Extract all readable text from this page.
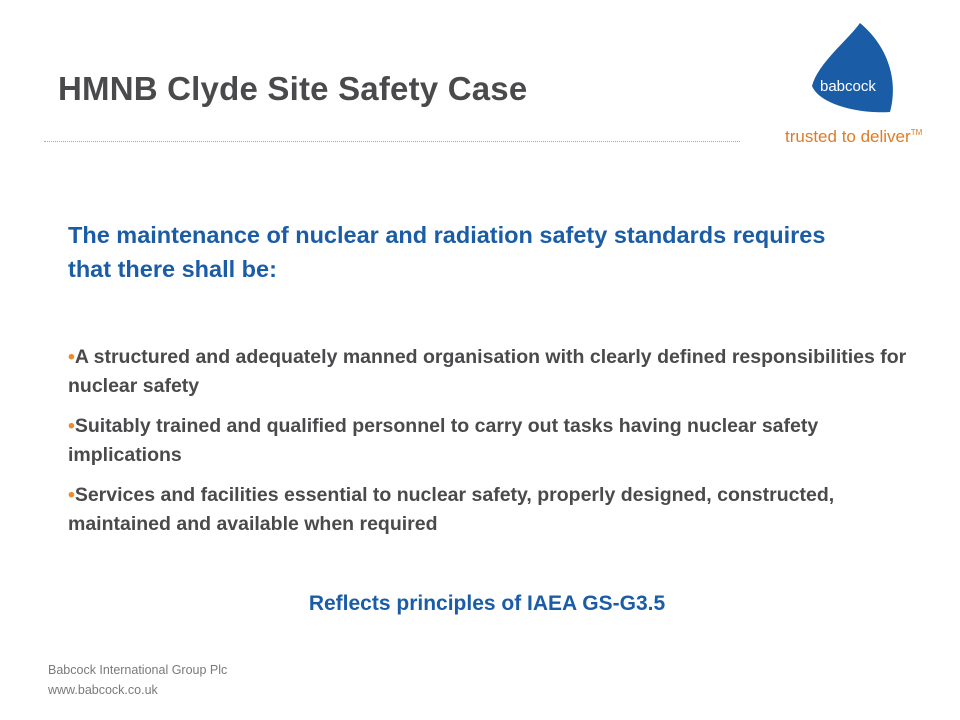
HMNB Clyde Site Safety Case	babcock
trusted to deliver™

The maintenance of nuclear and radiation safety standards requires that there shall be:

•A structured and adequately manned organisation with clearly defined responsibilities for nuclear safety
•Suitably trained and qualified personnel to carry out tasks having nuclear safety implications
•Services and facilities essential to nuclear safety, properly designed, constructed, maintained and available when required
Reflects principles of IAEA GS-G3.5
Babcock International Group Plc
www.babcock.co.uk
